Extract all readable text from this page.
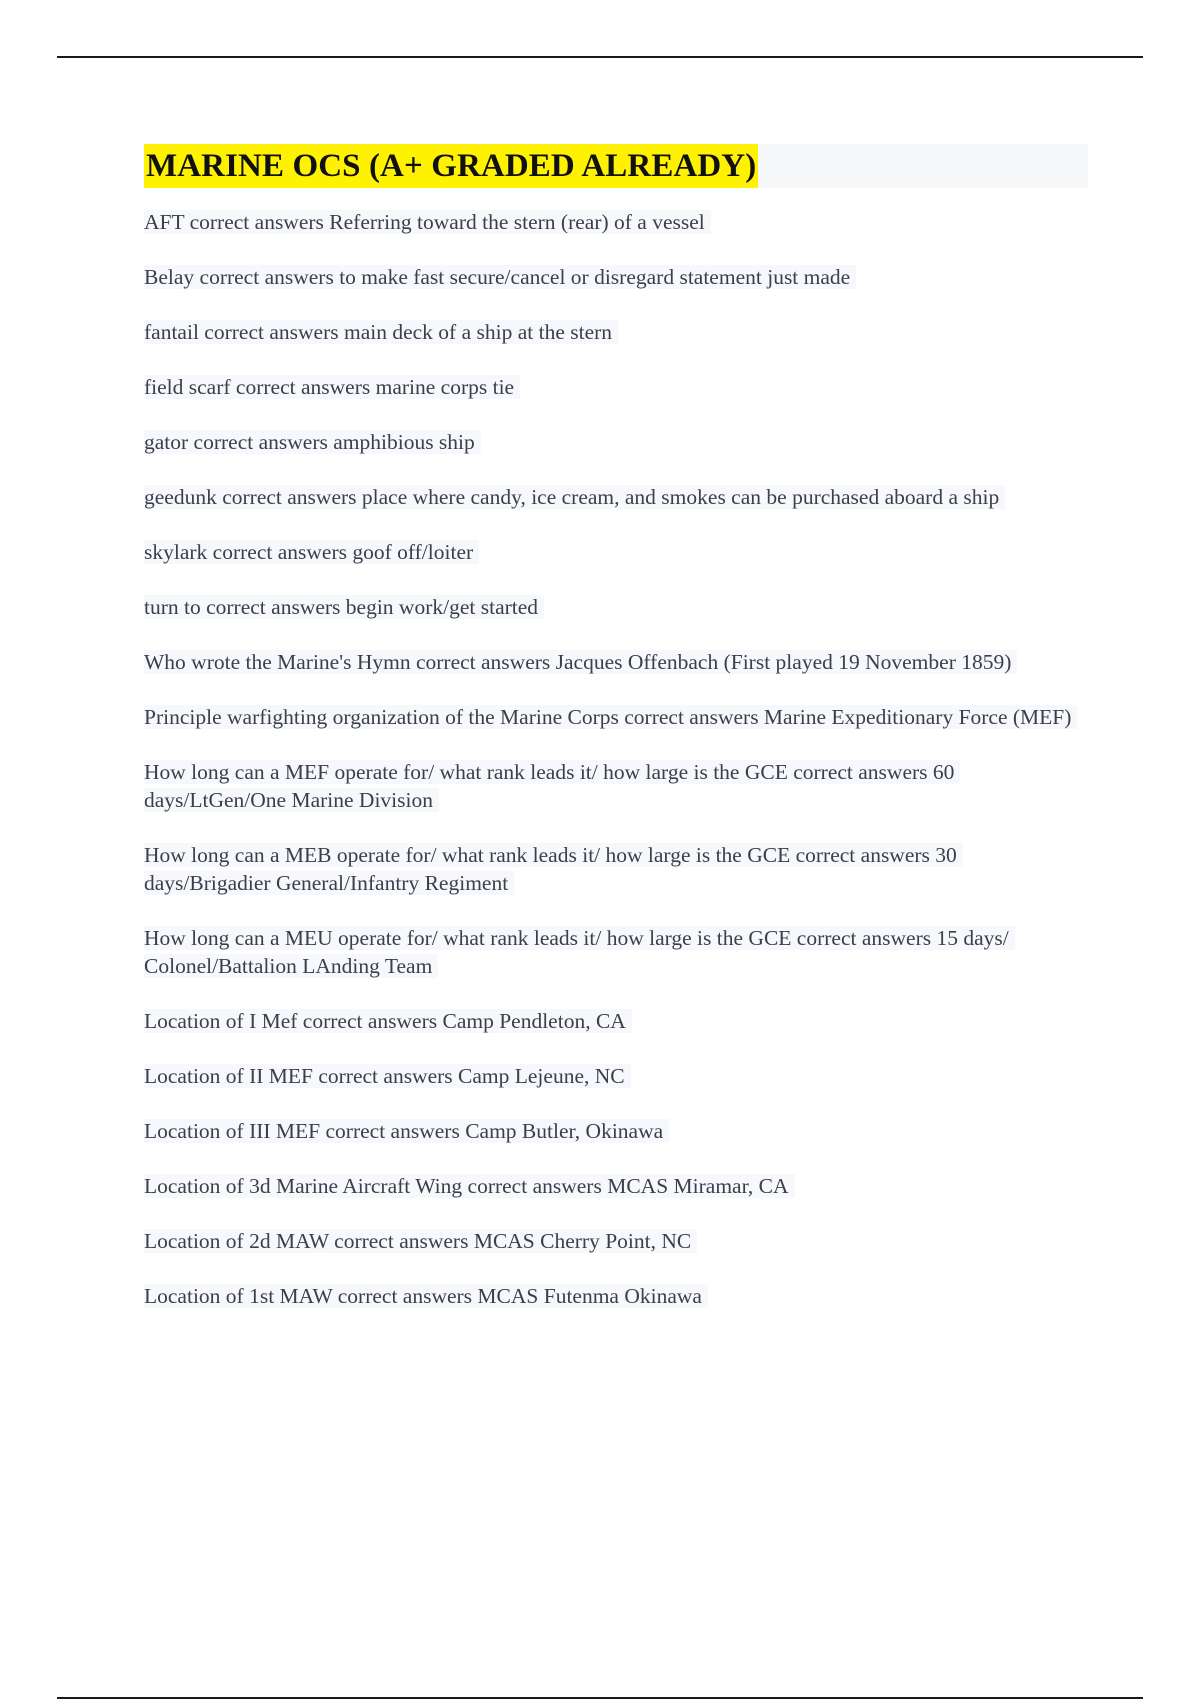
MARINE OCS (A+ GRADED ALREADY)
AFT correct answers Referring toward the stern (rear) of a vessel
Belay correct answers to make fast secure/cancel or disregard statement just made
fantail correct answers main deck of a ship at the stern
field scarf correct answers marine corps tie
gator correct answers amphibious ship
geedunk correct answers place where candy, ice cream, and smokes can be purchased aboard a ship
skylark correct answers goof off/loiter
turn to correct answers begin work/get started
Who wrote the Marine's Hymn correct answers Jacques Offenbach (First played 19 November 1859)
Principle warfighting organization of the Marine Corps correct answers Marine Expeditionary Force (MEF)
How long can a MEF operate for/ what rank leads it/ how large is the GCE correct answers 60 days/LtGen/One Marine Division
How long can a MEB operate for/ what rank leads it/ how large is the GCE correct answers 30 days/Brigadier General/Infantry Regiment
How long can a MEU operate for/ what rank leads it/ how large is the GCE correct answers 15 days/ Colonel/Battalion LAnding Team
Location of I Mef correct answers Camp Pendleton, CA
Location of II MEF correct answers Camp Lejeune, NC
Location of III MEF correct answers Camp Butler, Okinawa
Location of 3d Marine Aircraft Wing correct answers MCAS Miramar, CA
Location of 2d MAW correct answers MCAS Cherry Point, NC
Location of 1st MAW correct answers MCAS Futenma Okinawa
